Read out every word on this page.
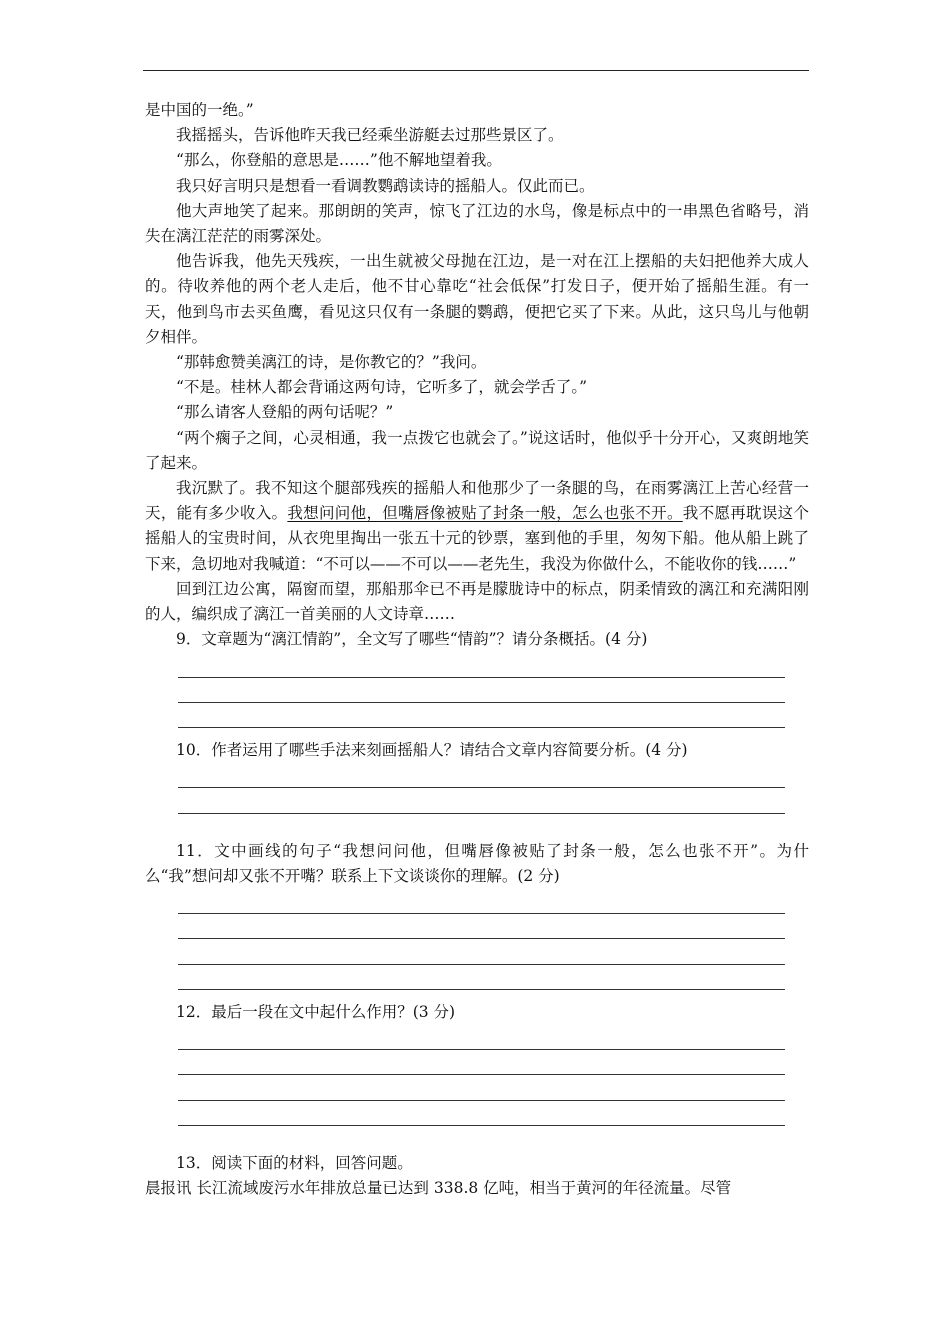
是中国的一绝。”

我摇摇头，告诉他昨天我已经乘坐游艇去过那些景区了。

“那么，你登船的意思是……”他不解地望着我。

我只好言明只是想看一看调教鹦鹉读诗的摇船人。仅此而已。

他大声地笑了起来。那朗朗的笑声，惊飞了江边的水鸟，像是标点中的一串黑色省略号，消失在漓江茫茫的雨雾深处。

他告诉我，他先天残疾，一出生就被父母抛在江边，是一对在江上摆船的夫妇把他养大成人的。待收养他的两个老人走后，他不甘心靠吃“社会低保”打发日子，便开始了摇船生涯。有一天，他到鸟市去买鱼鹰，看见这只仅有一条腿的鹦鹉，便把它买了下来。从此，这只鸟儿与他朝夕相伴。

“那韩愈赞美漓江的诗，是你教它的？”我问。

“不是。桂林人都会背诵这两句诗，它听多了，就会学舌了。”

“那么请客人登船的两句话呢？”

“两个瘸子之间，心灵相通，我一点拨它也就会了。”说这话时，他似乎十分开心，又爽朗地笑了起来。

我沉默了。我不知这个腿部残疾的摇船人和他那少了一条腿的鸟，在雨雾漓江上苦心经营一天，能有多少收入。我想问问他，但嘴唇像被贴了封条一般，怎么也张不开。我不愿再耽误这个摇船人的宝贵时间，从衣兜里掏出一张五十元的钞票，塞到他的手里，匆匆下船。他从船上跳了下来，急切地对我喊道：“不可以——不可以——老先生，我没为你做什么，不能收你的钱……”

回到江边公寓，隔窗而望，那船那伞已不再是朦胧诗中的标点，阴柔情致的漓江和充满阳刚的人，编织成了漓江一首美丽的人文诗章……

9．文章题为“漓江情韵”，全文写了哪些“情韵”？请分条概括。(4 分)

10．作者运用了哪些手法来刻画摇船人？请结合文章内容简要分析。(4 分)

11．文中画线的句子“我想问问他，但嘴唇像被贴了封条一般，怎么也张不开”。为什么“我”想问却又张不开嘴？联系上下文谈谈你的理解。(2 分)

12．最后一段在文中起什么作用？(3 分)

13．阅读下面的材料，回答问题。

晨报讯 长江流域废污水年排放总量已达到 338.8 亿吨，相当于黄河的年径流量。尽管
